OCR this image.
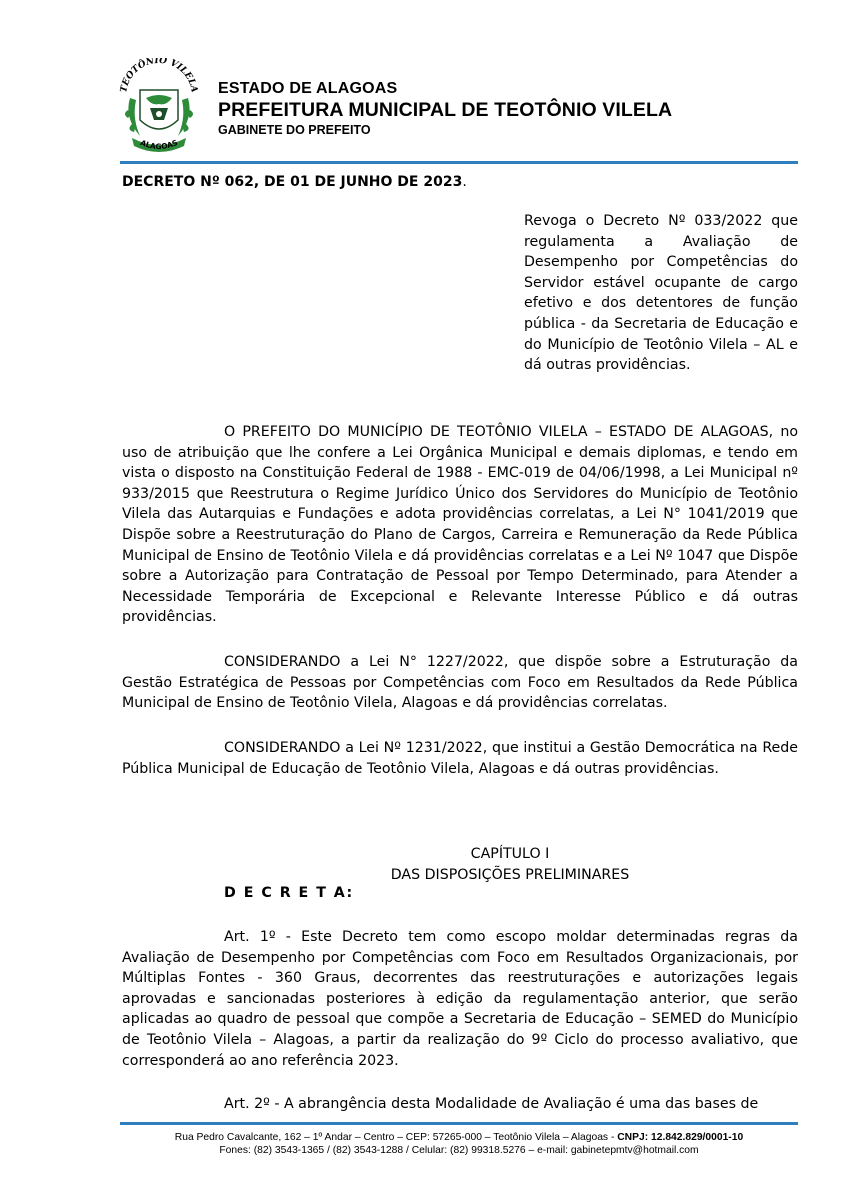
TEOTÔNIO VILELA
ALAGOAS
ESTADO DE ALAGOAS
PREFEITURA MUNICIPAL DE TEOTÔNIO VILELA
GABINETE DO PREFEITO
DECRETO Nº 062, DE 01 DE JUNHO DE 2023.
Revoga o Decreto Nº 033/2022 que regulamenta a Avaliação de Desempenho por Competências do Servidor estável ocupante de cargo efetivo e dos detentores de função pública - da Secretaria de Educação e do Município de Teotônio Vilela – AL e dá outras providências.
O PREFEITO DO MUNICÍPIO DE TEOTÔNIO VILELA – ESTADO DE ALAGOAS, no uso de atribuição que lhe confere a Lei Orgânica Municipal e demais diplomas, e tendo em vista o disposto na Constituição Federal de 1988 - EMC-019 de 04/06/1998, a Lei Municipal nº 933/2015 que Reestrutura o Regime Jurídico Único dos Servidores do Município de Teotônio Vilela das Autarquias e Fundações e adota providências correlatas, a Lei N° 1041/2019 que Dispõe sobre a Reestruturação do Plano de Cargos, Carreira e Remuneração da Rede Pública Municipal de Ensino de Teotônio Vilela e dá providências correlatas e a Lei Nº 1047 que Dispõe sobre a Autorização para Contratação de Pessoal por Tempo Determinado, para Atender a Necessidade Temporária de Excepcional e Relevante Interesse Público e dá outras providências.
CONSIDERANDO a Lei N° 1227/2022, que dispõe sobre a Estruturação da Gestão Estratégica de Pessoas por Competências com Foco em Resultados da Rede Pública Municipal de Ensino de Teotônio Vilela, Alagoas e dá providências correlatas.
CONSIDERANDO a Lei Nº 1231/2022, que institui a Gestão Democrática na Rede Pública Municipal de Educação de Teotônio Vilela, Alagoas e dá outras providências.
CAPÍTULO I
DAS DISPOSIÇÕES PRELIMINARES
D E C R E T A:
Art. 1º - Este Decreto tem como escopo moldar determinadas regras da Avaliação de Desempenho por Competências com Foco em Resultados Organizacionais, por Múltiplas Fontes - 360 Graus, decorrentes das reestruturações e autorizações legais aprovadas e sancionadas posteriores à edição da regulamentação anterior, que serão aplicadas ao quadro de pessoal que compõe a Secretaria de Educação – SEMED do Município de Teotônio Vilela – Alagoas, a partir da realização do 9º Ciclo do processo avaliativo, que corresponderá ao ano referência 2023.
Art. 2º - A abrangência desta Modalidade de Avaliação é uma das bases de
Rua Pedro Cavalcante, 162 – 1º Andar – Centro – CEP: 57265-000 – Teotônio Vilela – Alagoas - CNPJ: 12.842.829/0001-10
Fones: (82) 3543-1365 / (82) 3543-1288 / Celular: (82) 99318.5276 – e-mail: gabinetepmtv@hotmail.com
